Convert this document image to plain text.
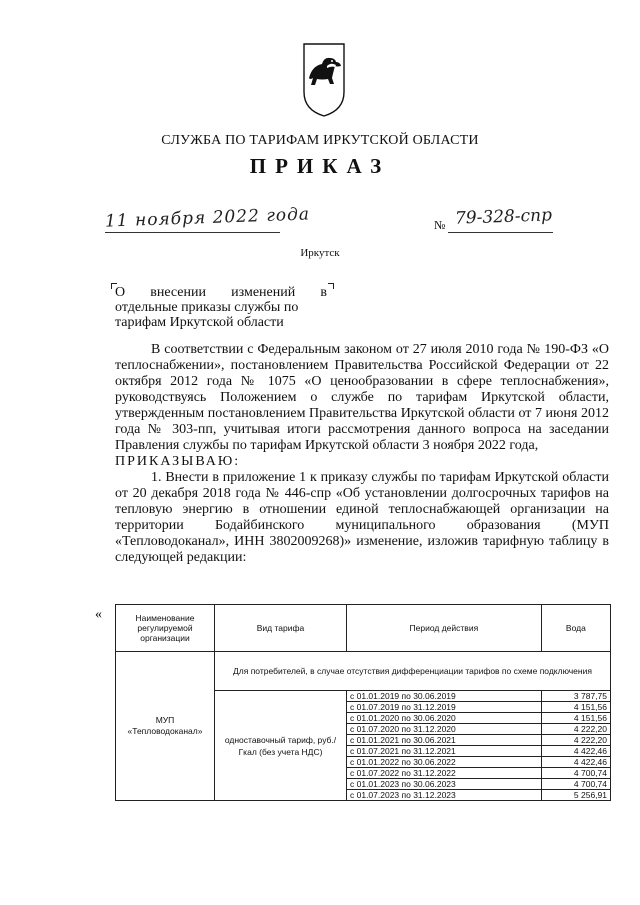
СЛУЖБА ПО ТАРИФАМ ИРКУТСКОЙ ОБЛАСТИ
ПРИКАЗ
11 ноября 2022 года	№ 79-328-спр
Иркутск
О внесении изменений в
отдельные приказы службы по
тарифам Иркутской области

В соответствии с Федеральным законом от 27 июля 2010 года № 190-ФЗ «О теплоснабжении», постановлением Правительства Российской Федерации от 22 октября 2012 года № 1075 «О ценообразовании в сфере теплоснабжения», руководствуясь Положением о службе по тарифам Иркутской области, утвержденным постановлением Правительства Иркутской области от 7 июня 2012 года № 303-пп, учитывая итоги рассмотрения данного вопроса на заседании Правления службы по тарифам Иркутской области 3 ноября 2022 года,

ПРИКАЗЫВАЮ:

1. Внести в приложение 1 к приказу службы по тарифам Иркутской области от 20 декабря 2018 года № 446-спр «Об установлении долгосрочных тарифов на тепловую энергию в отношении единой теплоснабжающей организации на территории Бодайбинского муниципального образования (МУП «Тепловодоканал», ИНН 3802009268)» изменение, изложив тарифную таблицу в следующей редакции:

«	Наименование регулируемой организации	Вид тарифа	Период действия	Вода
МУП «Тепловодоканал»	Для потребителей, в случае отсутствия дифференциации тарифов по схеме подключения		
	одноставочный тариф, руб./Гкал (без учета НДС)	с 01.01.2019 по 30.06.2019	3 787,75
		с 01.07.2019 по 31.12.2019	4 151,56
		с 01.01.2020 по 30.06.2020	4 151,56
		с 01.07.2020 по 31.12.2020	4 222,20
		с 01.01.2021 по 30.06.2021	4 222,20
		с 01.07.2021 по 31.12.2021	4 422,46
		с 01.01.2022 по 30.06.2022	4 422,46
		с 01.07.2022 по 31.12.2022	4 700,74
		с 01.01.2023 по 30.06.2023	4 700,74
		с 01.07.2023 по 31.12.2023	5 256,91
